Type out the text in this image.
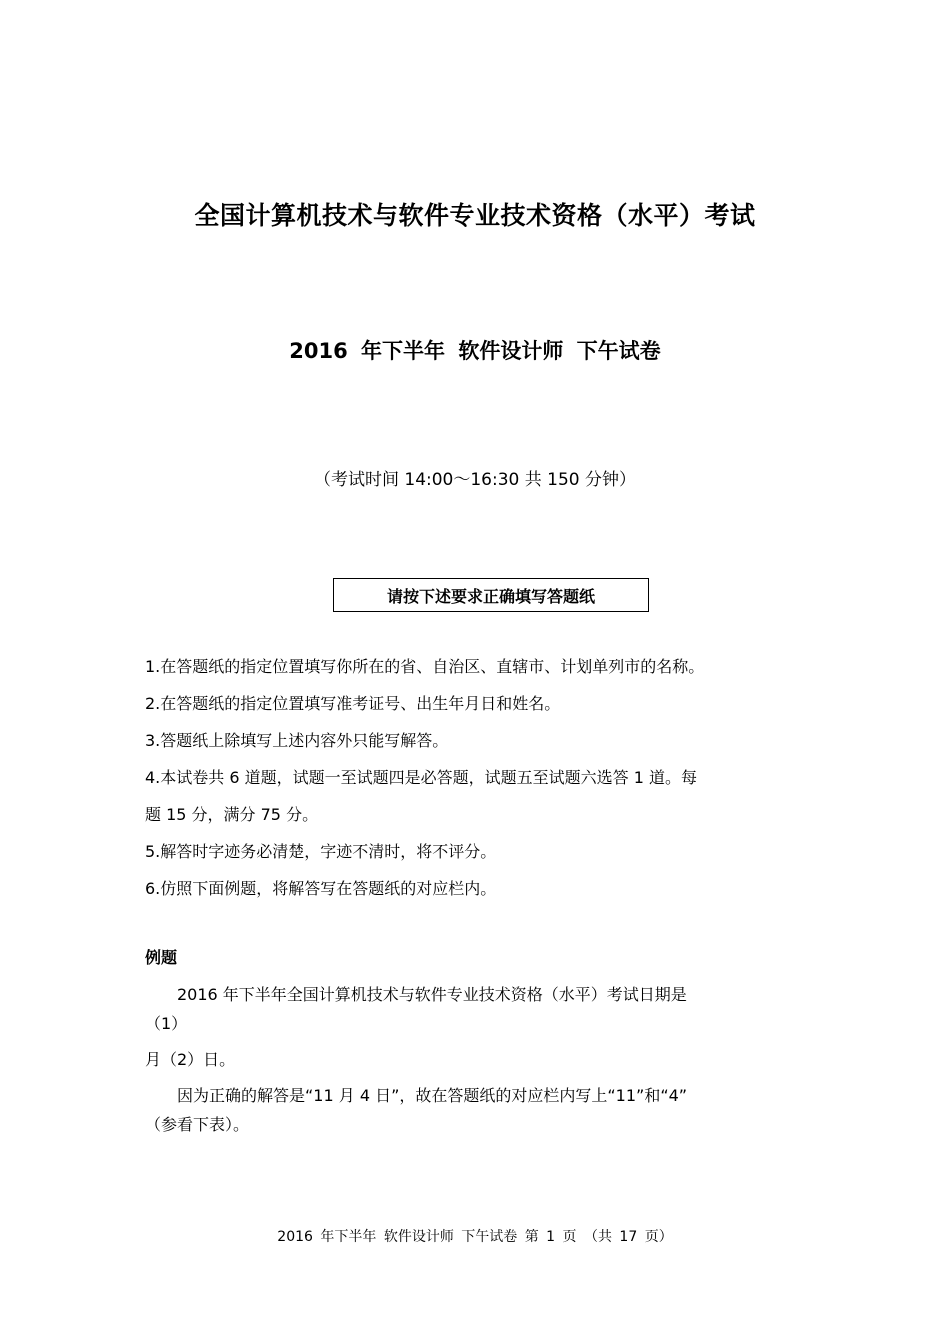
全国计算机技术与软件专业技术资格（水平）考试
2016 年下半年 软件设计师 下午试卷
（考试时间 14:00～16:30 共 150 分钟）
请按下述要求正确填写答题纸

1.在答题纸的指定位置填写你所在的省、自治区、直辖市、计划单列市的名称。

2.在答题纸的指定位置填写准考证号、出生年月日和姓名。

3.答题纸上除填写上述内容外只能写解答。

4.本试卷共 6 道题，试题一至试题四是必答题，试题五至试题六选答 1 道。每

题 15 分，满分 75 分。

5.解答时字迹务必清楚，字迹不清时，将不评分。

6.仿照下面例题，将解答写在答题纸的对应栏内。

例题

2016 年下半年全国计算机技术与软件专业技术资格（水平）考试日期是

（1）

月（2）日。

因为正确的解答是“11 月 4 日”，故在答题纸的对应栏内写上“11”和“4”

（参看下表）。

2016 年下半年 软件设计师 下午试卷 第 1 页 （共 17 页）
